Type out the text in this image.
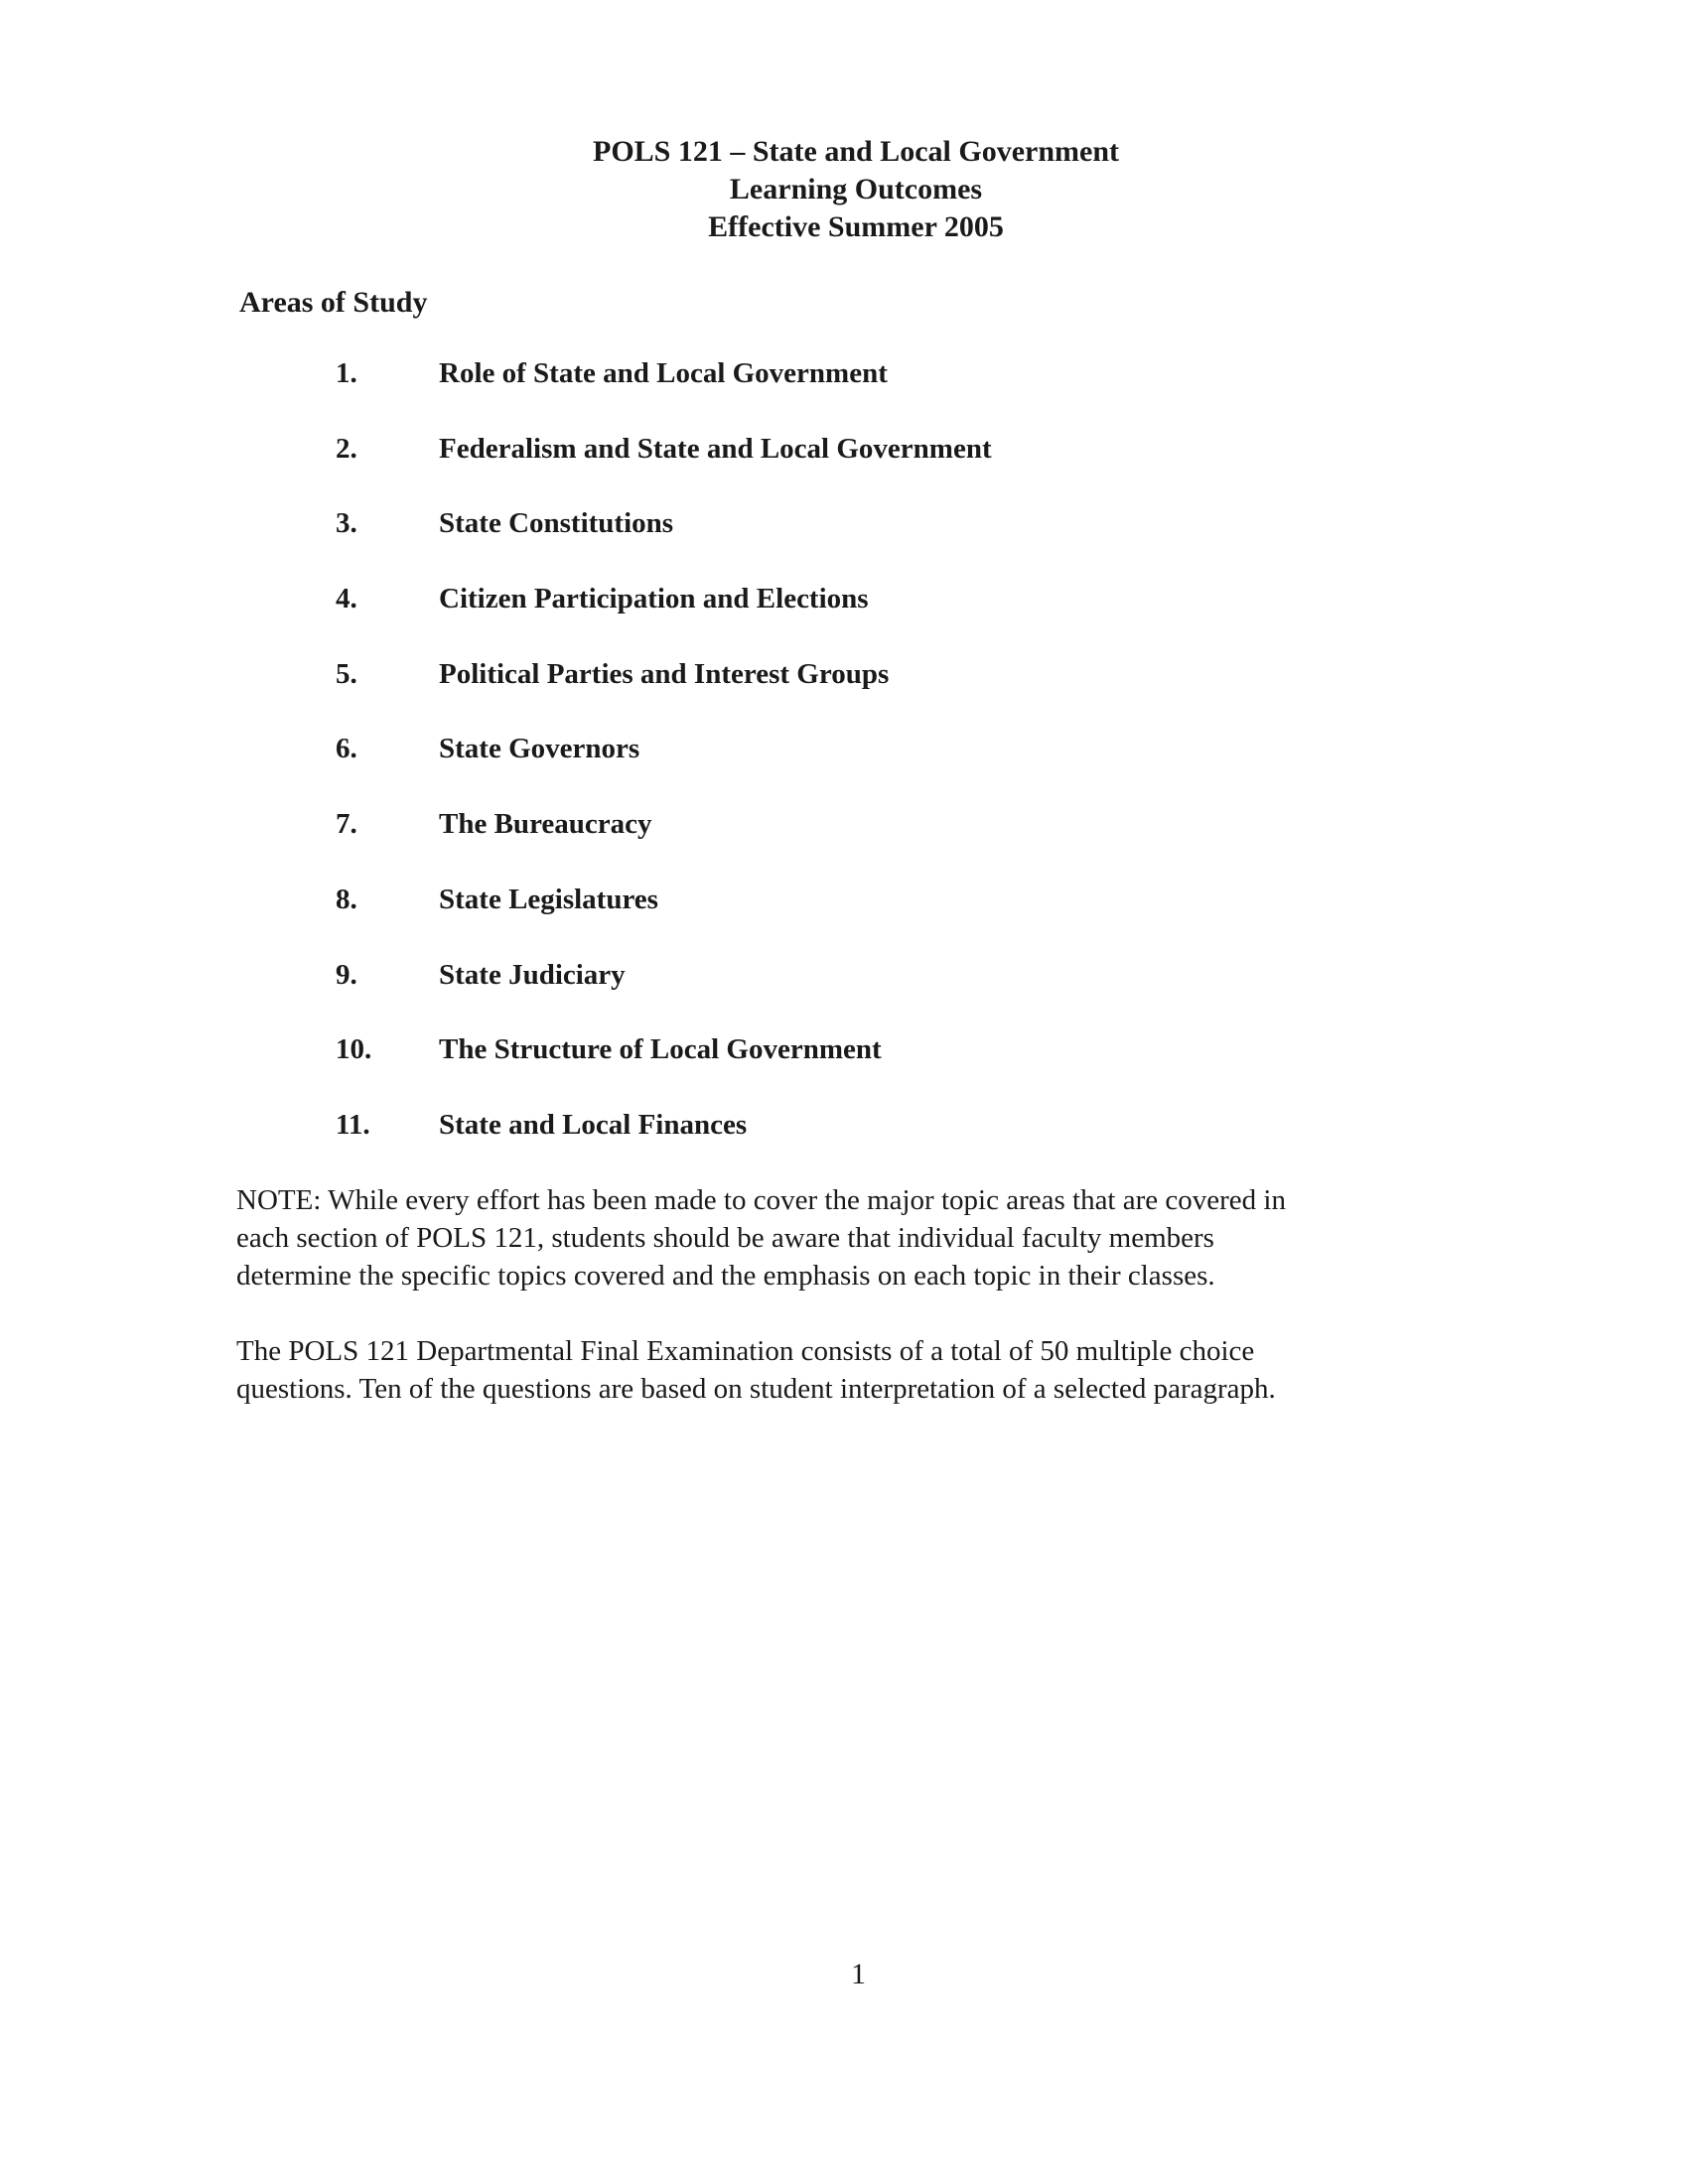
POLS 121 – State and Local Government
Learning Outcomes
Effective Summer 2005
Areas of Study
1.	Role of State and Local Government
2.	Federalism and State and Local Government
3.	State Constitutions
4.	Citizen Participation and Elections
5.	Political Parties and Interest Groups
6.	State Governors
7.	The Bureaucracy
8.	State Legislatures
9.	State Judiciary
10. The Structure of Local Government
11. State and Local Finances
NOTE: While every effort has been made to cover the major topic areas that are covered in
each section of POLS 121, students should be aware that individual faculty members
determine the specific topics covered and the emphasis on each topic in their classes.
The POLS 121 Departmental Final Examination consists of a total of 50 multiple choice
questions. Ten of the questions are based on student interpretation of a selected paragraph.
1
